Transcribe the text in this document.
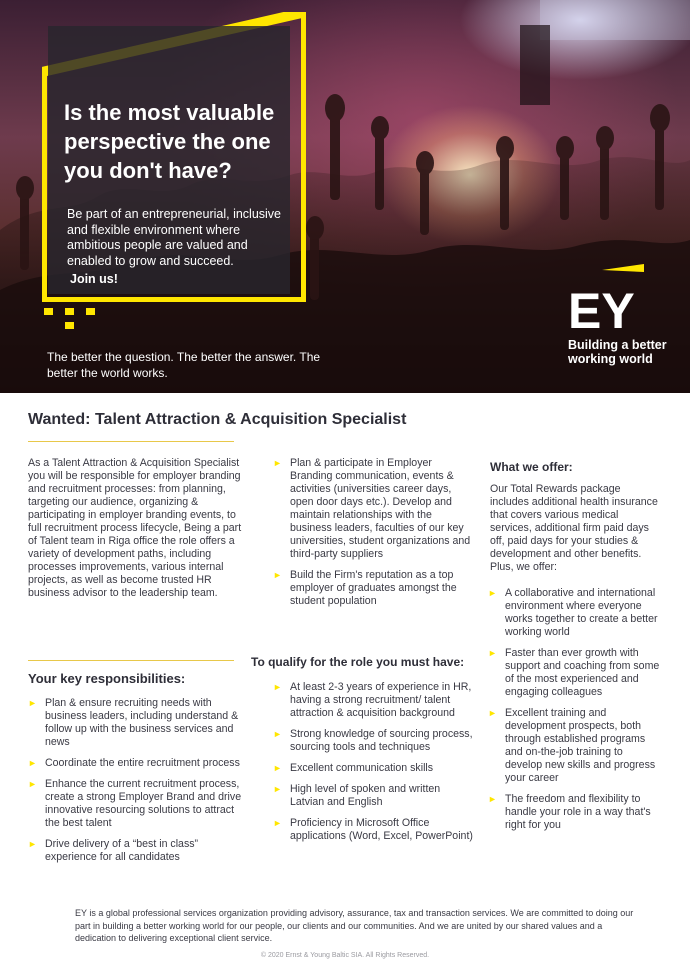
Is the most valuable perspective the one you don't have?
Be part of an entrepreneurial, inclusive and flexible environment where ambitious people are valued and enabled to grow and succeed.
Join us!
The better the question. The better the answer. The better the world works.
EY
Building a better working world
Wanted: Talent Attraction & Acquisition Specialist
As a Talent Attraction & Acquisition Specialist you will be responsible for employer branding and recruitment processes: from planning, targeting our audience, organizing & participating in employer branding events, to full recruitment process lifecycle, Being a part of Talent team in Riga office the role offers a variety of development paths, including processes improvements, various internal projects, as well as become trusted HR business advisor to the leadership team.
Your key responsibilities:
► Plan & ensure recruiting needs with business leaders, including understand & follow up with the business services and news
► Coordinate the entire recruitment process
► Enhance the current recruitment process, create a strong Employer Brand and drive innovative resourcing solutions to attract the best talent
► Drive delivery of a “best in class” experience for all candidates
► Plan & participate in Employer Branding communication, events & activities (universities career days, open door days etc.). Develop and maintain relationships with the business leaders, faculties of our key universities, student organizations and third-party suppliers
► Build the Firm's reputation as a top employer of graduates amongst the student population
To qualify for the role you must have:
► At least 2-3 years of experience in HR, having a strong recruitment/ talent attraction & acquisition background
► Strong knowledge of sourcing process, sourcing tools and techniques
► Excellent communication skills
► High level of spoken and written Latvian and English
► Proficiency in Microsoft Office applications (Word, Excel, PowerPoint)
What we offer:
Our Total Rewards package includes additional health insurance that covers various medical services, additional firm paid days off, paid days for your studies & development and other benefits. Plus, we offer:
► A collaborative and international environment where everyone works together to create a better working world
► Faster than ever growth with support and coaching from some of the most experienced and engaging colleagues
► Excellent training and development prospects, both through established programs and on-the-job training to develop new skills and progress your career
► The freedom and flexibility to handle your role in a way that's right for you
EY is a global professional services organization providing advisory, assurance, tax and transaction services. We are committed to doing our part in building a better working world for our people, our clients and our communities. And we are united by our shared values and a dedication to delivering exceptional client service.
© 2020 Ernst & Young Baltic SIA. All Rights Reserved.
